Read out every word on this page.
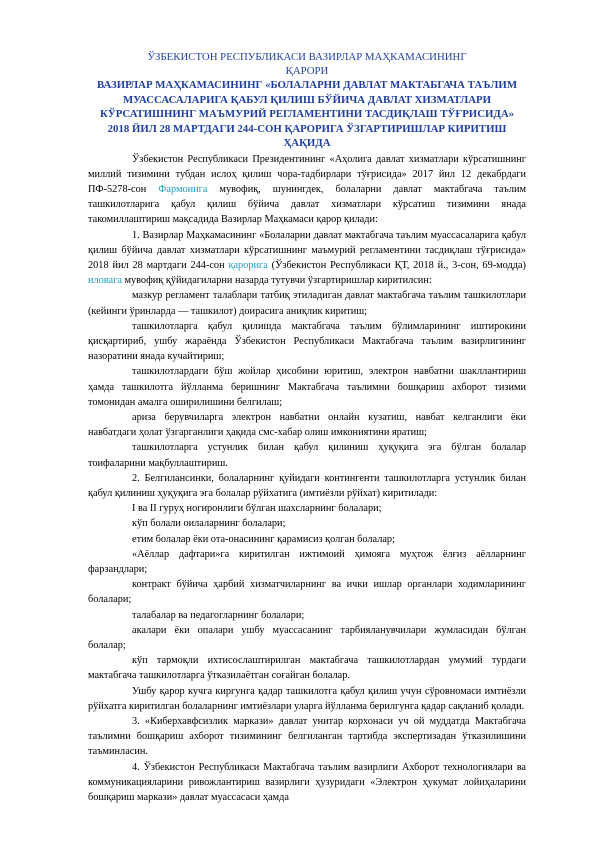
ЎЗБЕКИСТОН РЕСПУБЛИКАСИ ВАЗИРЛАР МАҲКАМАСИНИНГ
ҚАРОРИ

ВАЗИРЛАР МАҲКАМАСИНИНГ «БОЛАЛАРНИ ДАВЛАТ МАКТАБГАЧА ТАЪЛИМ МУАССАСАЛАРИГА ҚАБУЛ ҚИЛИШ БЎЙИЧА ДАВЛАТ ХИЗМАТЛАРИ КЎРСАТИШНИНГ МАЪМУРИЙ РЕГЛАМЕНТИНИ ТАСДИҚЛАШ ТЎҒРИСИДА» 2018 ЙИЛ 28 МАРТДАГИ 244-СОН ҚАРОРИГА ЎЗГАРТИРИШЛАР КИРИТИШ ҲАҚИДА

Ўзбекистон Республикаси Президентининг «Аҳолига давлат хизматлари кўрсатишнинг миллий тизимини тубдан ислоҳ қилиш чора-тадбирлари тўғрисида» 2017 йил 12 декабрдаги ПФ-5278-сон Фармонига мувофиқ, шунингдек, болаларни давлат мактабгача таълим ташкилотларига қабул қилиш бўйича давлат хизматлари кўрсатиш тизимини янада такомиллаштириш мақсадида Вазирлар Маҳкамаси қарор қилади:

1. Вазирлар Маҳкамасининг «Болаларни давлат мактабгача таълим муассасаларига қабул қилиш бўйича давлат хизматлари кўрсатишнинг маъмурий регламентини тасдиқлаш тўғрисида» 2018 йил 28 мартдаги 244-сон қарорига (Ўзбекистон Республикаси ҚТ, 2018 й., 3-сон, 69-модда) иловага мувофиқ қўйидагиларни назарда тутувчи ўзгартиришлар киритилсин:

мазкур регламент талаблари татбиқ этиладиган давлат мактабгача таълим ташкилотлари (кейинги ўринларда — ташкилот) доирасига аниқлик киритиш;

ташкилотларга қабул қилишда мактабгача таълим бўлимларининг иштирокини қисқартириб, ушбу жараёнда Ўзбекистон Республикаси Мактабгача таълим вазирлигининг назоратини янада кучайтириш;

ташкилотлардаги бўш жойлар ҳисобини юритиш, электрон навбатни шакллантириш ҳамда ташкилотга йўлланма беришнинг Мактабгача таълимни бошқариш ахборот тизими томонидан амалга оширилишини белгилаш;

ариза берувчиларга электрон навбатни онлайн кузатиш, навбат келганлиги ёки навбатдаги ҳолат ўзгарганлиги ҳақида смс-хабар олиш имкониятини яратиш;

ташкилотларга устунлик билан қабул қилиниш ҳуқуқига эга бўлган болалар тоифаларини мақбуллаштириш.

2. Белгилансинки, болаларнинг қуйидаги контингенти ташкилотларга устунлик билан қабул қилиниш ҳуқуқига эга болалар рўйхатига (имтиёзли рўйхат) киритилади:

I ва II гуруҳ ногиронлиги бўлган шахсларнинг болалари;

кўп болали оилаларнинг болалари;

етим болалар ёки ота-онасининг қарамисиз қолган болалар;

«Аёллар дафтари»га киритилган ижтимоий ҳимояга муҳтож ёлғиз аёлларнинг фарзандлари;

контракт бўйича ҳарбий хизматчиларнинг ва ички ишлар органлари ходимларининг болалари;

талабалар ва педагогларнинг болалари;

акалари ёки опалари ушбу муассасанинг тарбияланувчилари жумласидан бўлган болалар;

кўп тармоқли ихтисослаштирилган мактабгача ташкилотлардан умумий турдаги мактабгача ташкилотларга ўтказилаётган соғайган болалар.

Ушбу қарор кучга киргунга қадар ташкилотга қабул қилиш учун сўровномаси имтиёзли рўйхатга киритилган болаларнинг имтиёзлари уларга йўлланма берилгунга қадар сақланиб қолади.

3. «Киберхавфсизлик маркази» давлат унитар корхонаси уч ой муддатда Мактабгача таълимни бошқариш ахборот тизимининг белгиланган тартибда экспертизадан ўтказилишини таъминласин.

4. Ўзбекистон Республикаси Мактабгача таълим вазирлиги Ахборот технологиялари ва коммуникацияларини ривожлантириш вазирлиги ҳузуридаги «Электрон ҳукумат лойиҳаларини бошқариш маркази» давлат муассасаси ҳамда
